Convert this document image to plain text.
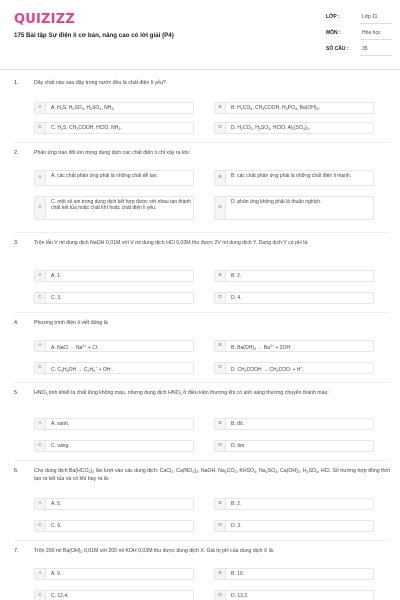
QUIZIZZ
175 Bài tập Sự điện li cơ bản, nâng cao có lời giải (P4)
LỚP :	Lớp 11
MÔN :	Hóa học
SỐ CÂU :	35
1.	Dãy chất nào sau đây trong nước đều là chất điện li yếu?
A	A. $H_2S$, $H_2SO_3$, $H_2SO_4$, $NH_3$.	B	B. $H_2CO_3$, $CH_3COOH$, $H_3PO_4$, $Ba(OH)_2$.
C	C. $H_2S$, $CH_3COOH$, HClO, $NH_3$.	D	D. $H_2CO_3$, $H_2SO_3$, HClO, $Al_2(SO_4)_3$.
2.	Phản ứng trao đổi ion trong dung dịch các chất điện li chỉ xảy ra khi:
A	A. các chất phản ứng phải là những chất dễ tan.	B	B. các chất phản ứng phải là những chất điện li mạnh.
C
C. một số ion trong dung dịch kết hợp được với nhau tạo thành chất kết tủa hoặc chất khí hoặc chất điện li yếu.	D
D. phản ứng không phải là thuận nghịch.
3.	Trộn lẫn V ml dung dịch NaOH 0,01M với V ml dung dịch HCl 0,03M thu được 2V ml dung dịch Y. Dung dịch Y có pH là:
A	A. 1.	B	B. 2.
C	C. 3.	D	D. 4.
4.	Phương trình điện li viết đúng là
A	A. NaCl → $Na^{2+} + Cl^-$.	B	B. $Ba(OH)_2 \to Ba^{2+} + 2OH^-$.
C	C. $C_2H_5OH \to C_2H_5^+ + OH^-$.	D	D. $CH_3COOH \to CH_3COO^- + H^+$.
5.	$HNO_3$ tinh khiết là chất lỏng không màu, nhưng dung dịch $HNO_3$ ở điều kiện thường khi có ánh sáng thường chuyển thành màu:
A	A. xanh.	B	B. đỏ.
C	C. vàng.	D	D. tím.
6.	Cho dung dịch $Ba(HCO_3)_2$ lần lượt vào các dung dịch: CaCl$_2$, $Ca(NO_3)_2$, NaOH, $Na_2CO_3$, $KHSO_4$, $Na_2SO_4$, $Ca(OH)_2$, $H_2SO_4$, HCl. Số trường hợp đồng thời tạo ra kết tủa và có khí bay ra là:
A	A. 5.	B	B. 2.
C	C. 6.	D	D. 3.
7.	Trộn 200 ml $Ba(OH)_2$ 0,01M với 200 ml KOH 0,03M thu được dung dịch X. Giá trị pH của dung dịch X là:
A	A. 9.	B	B. 10.
C	C. 12,4.	D	D. 13,2.
